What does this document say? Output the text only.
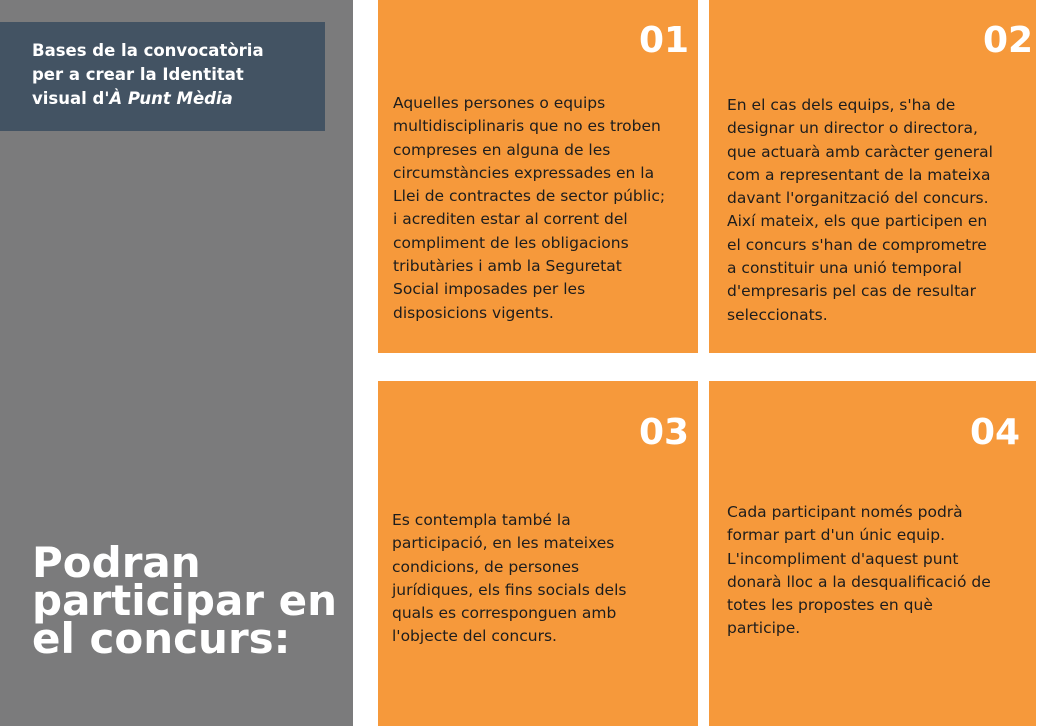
Bases de la convocatòria
per a crear la Identitat
visual d'À Punt Mèdia
Podran
participar en
el concurs:
01
Aquelles persones o equips
multidisciplinaris que no es troben
compreses en alguna de les
circumstàncies expressades en la
Llei de contractes de sector públic;
i acrediten estar al corrent del
compliment de les obligacions
tributàries i amb la Seguretat
Social imposades per les
disposicions vigents.
02
En el cas dels equips, s'ha de
designar un director o directora,
que actuarà amb caràcter general
com a representant de la mateixa
davant l'organització del concurs.
Així mateix, els que participen en
el concurs s'han de comprometre
a constituir una unió temporal
d'empresaris pel cas de resultar
seleccionats.
03
Es contempla també la
participació, en les mateixes
condicions, de persones
jurídiques, els fins socials dels
quals es corresponguen amb
l'objecte del concurs.
04
Cada participant només podrà
formar part d'un únic equip.
L'incompliment d'aquest punt
donarà lloc a la desqualificació de
totes les propostes en què
participe.
